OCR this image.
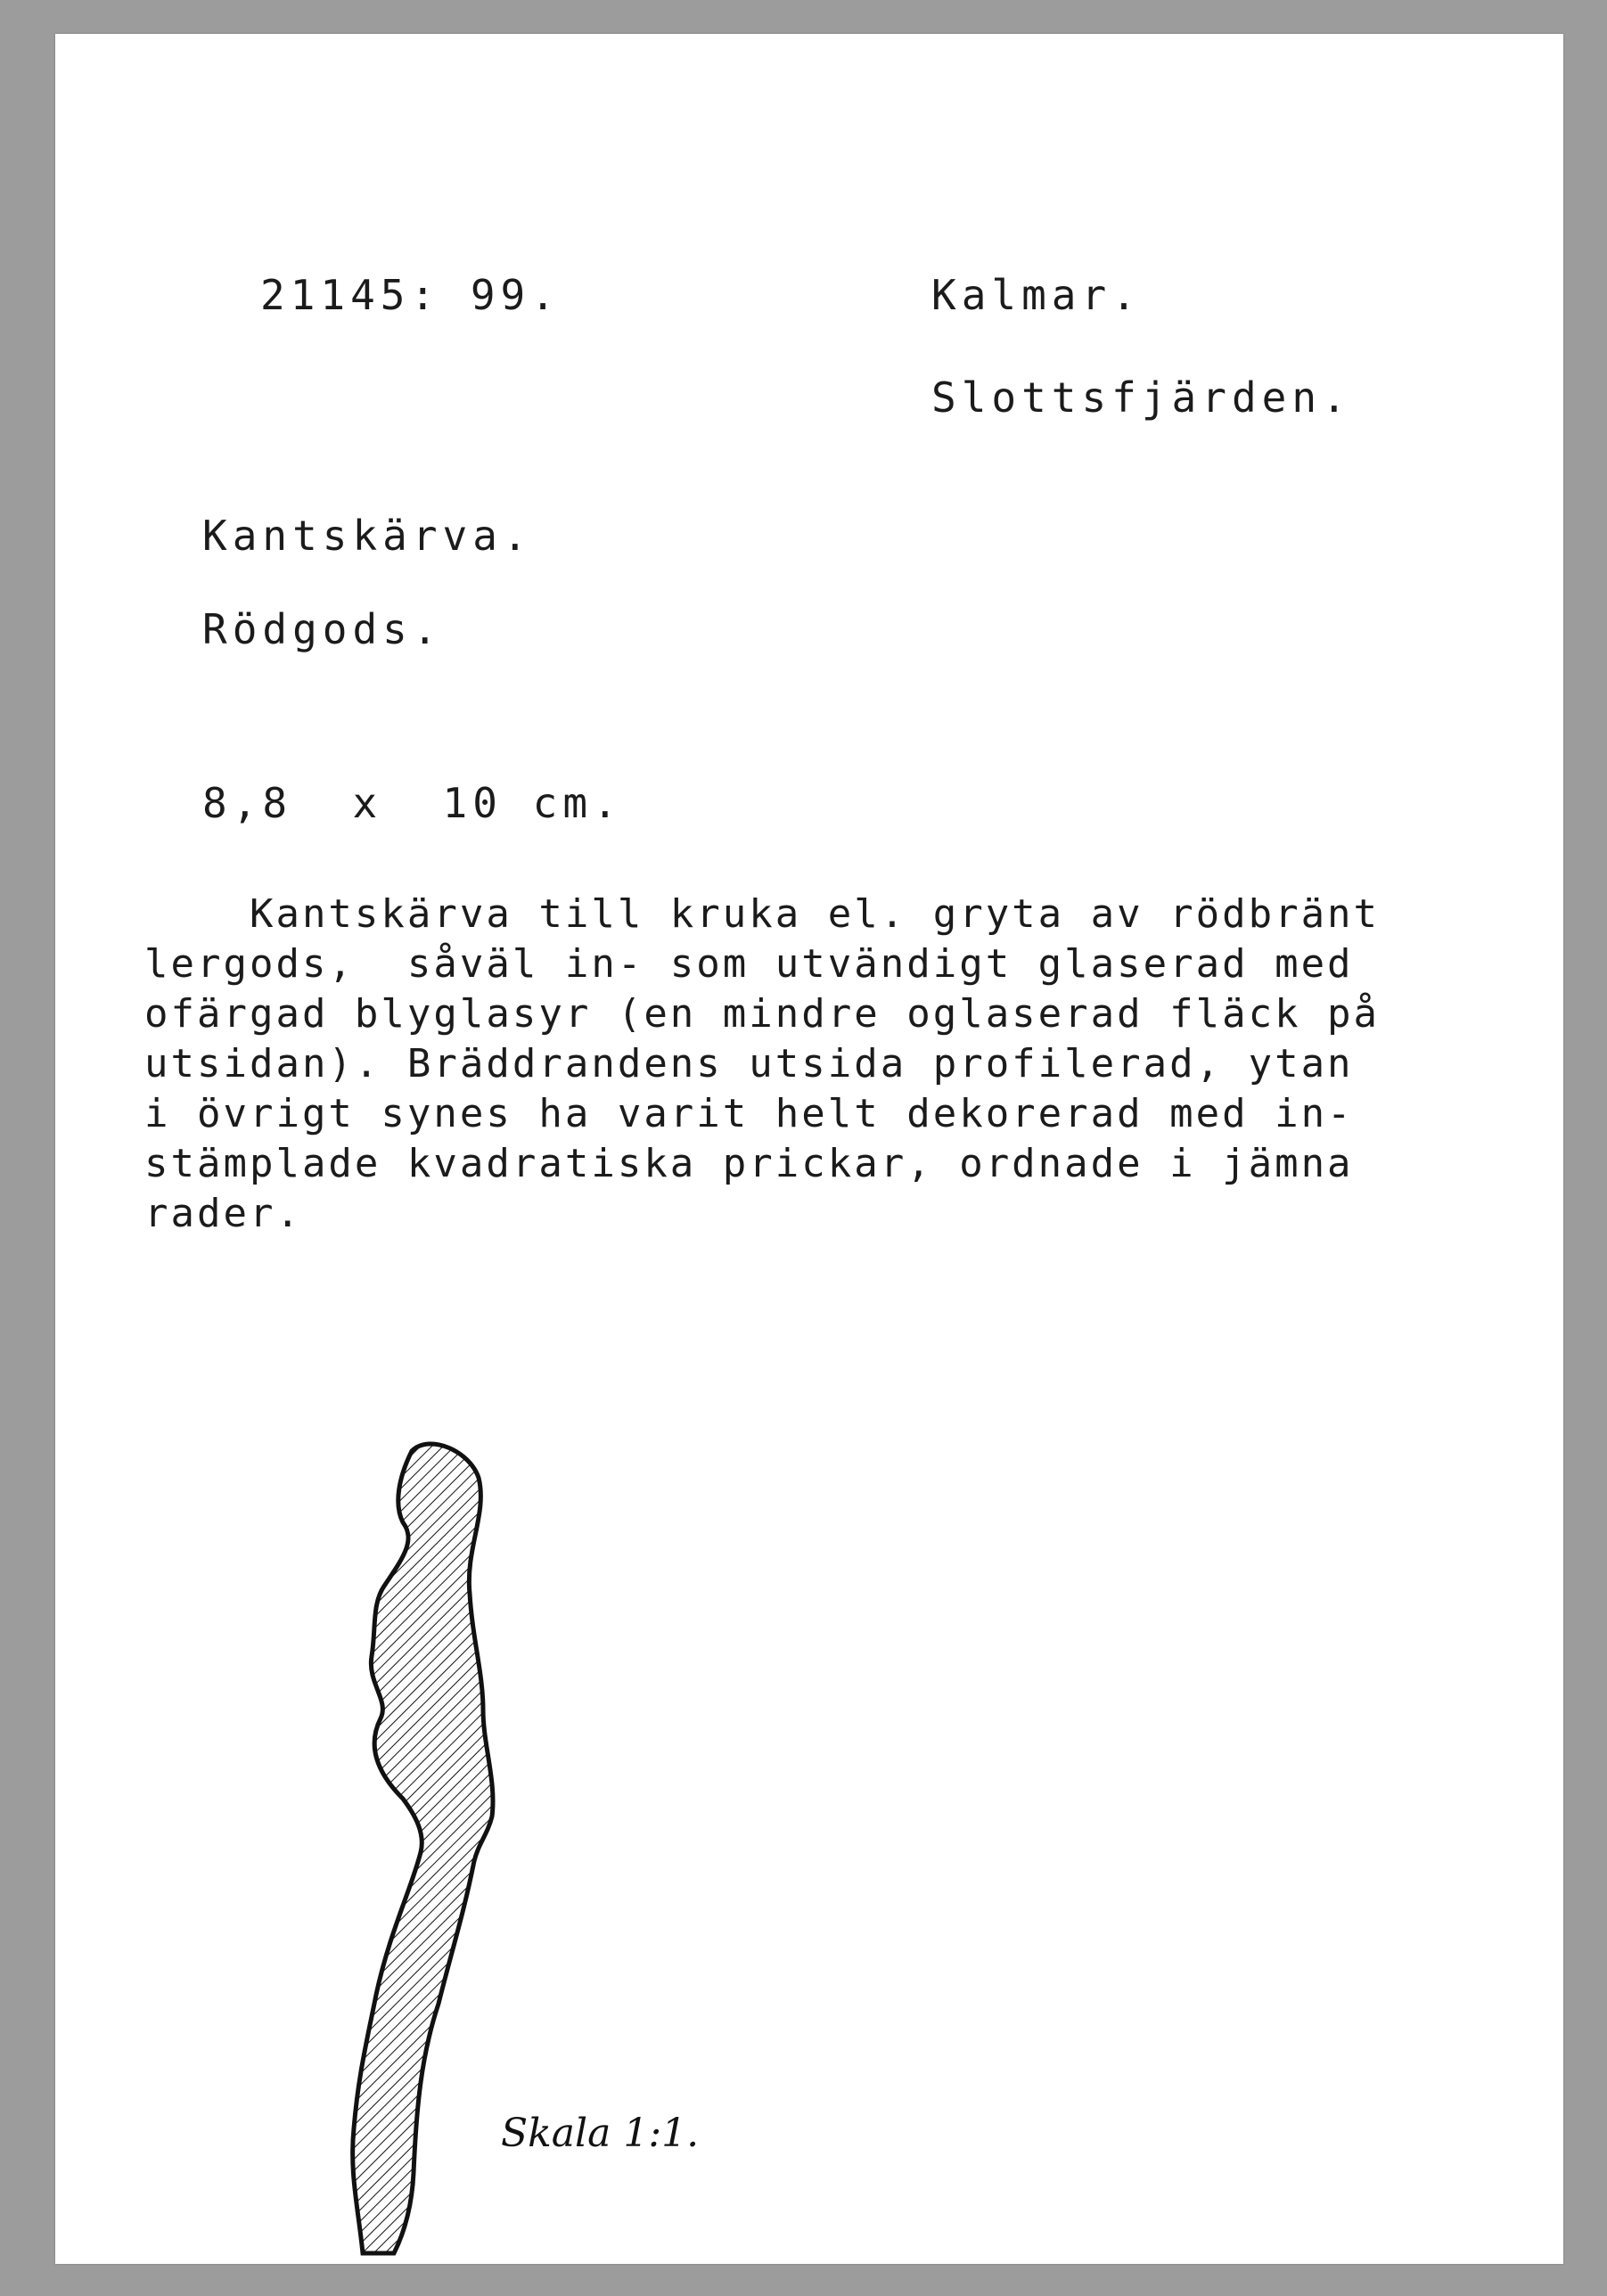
21145: 99.	Kalmar.
Slottsfjärden.
Kantskärva.
Rödgods.
8,8  x  10 cm.
Kantskärva till kruka el. gryta av rödbränt
lergods,  såväl in- som utvändigt glaserad med
ofärgad blyglasyr (en mindre oglaserad fläck på
utsidan). Bräddrandens utsida profilerad, ytan
i övrigt synes ha varit helt dekorerad med in-
stämplade kvadratiska prickar, ordnade i jämna
rader.
Skala 1:1.
